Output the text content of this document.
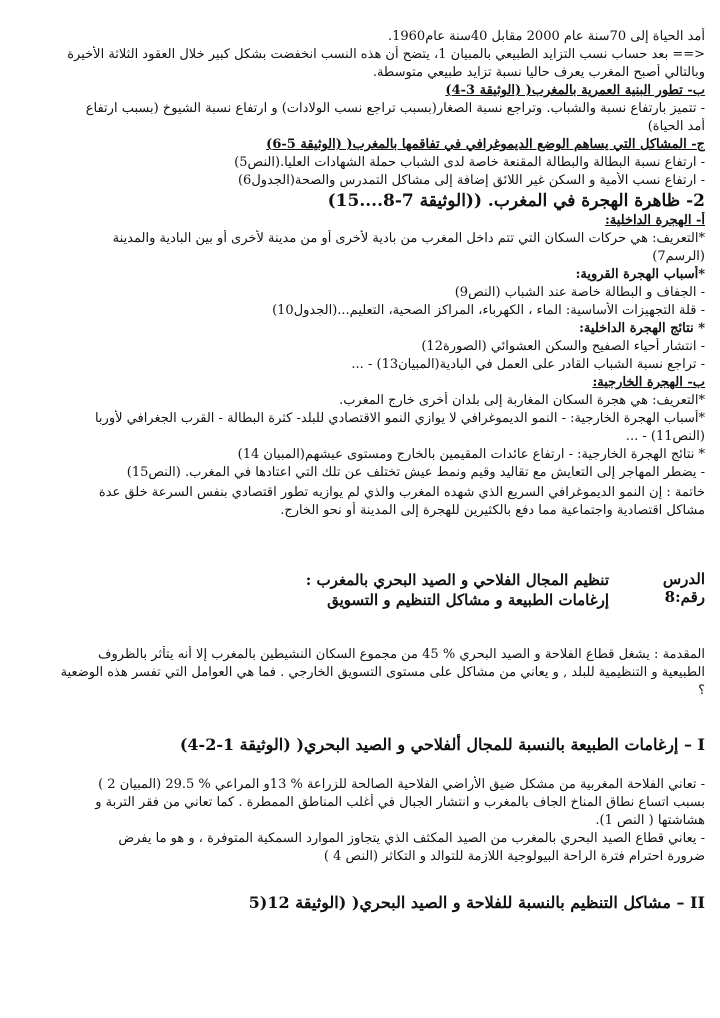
أمد الحياة إلى 70سنة عام 2000 مقابل 40سنة عام1960.
<== بعد حساب نسب التزايد الطبيعي بالمبيان 1، يتضح أن هذه النسب انخفضت بشكل كبير خلال العقود الثلاثة الأخيرة
وبالتالي أصبح المغرب يعرف حاليا نسبة تزايد طبيعي متوسطة.
ب- تطور البنية العمرية بالمغرب( (الوثيقة 3-4)
- تتميز بارتفاع نسبة والشباب. وتراجع نسبة الصغار(بسبب تراجع نسب الولادات) و ارتفاع نسبة الشيوخ (بسبب ارتفاع
أمد الحياة)
ج- المشاكل التي يساهم الوضع الديموغرافي في تفاقمها بالمغرب( (الوثيقة 5-6)
- ارتفاع نسبة البطالة والبطالة المقنعة خاصة لدى الشباب حملة الشهادات العليا.(النص5)
- ارتفاع نسب الأمية و السكن غير اللائق إضافة إلى مشاكل التمدرس والصحة(الجدول6)
2- ظاهرة الهجرة في المغرب. ((الوثيقة 7-8....15)
أ- الهجرة الداخلية:
*التعريف: هي حركات السكان التي تتم داخل المغرب من بادية لأخرى أو من مدينة لأخرى أو بين البادية والمدينة
(الرسم7)
*أسباب الهجرة القروية:
- الجفاف و البطالة خاصة عند الشباب (النص9)
- قلة التجهيزات الأساسية: الماء ، الكهرباء، المراكز الصحية، التعليم...(الجدول10)
* نتائج الهجرة الداخلية:
- انتشار أحياء الصفيح والسكن العشوائي (الصورة12)
- تراجع نسبة الشباب القادر على العمل في البادية(المبيان13) - ...
ب- الهجرة الخارجية:
*التعريف: هي هجرة السكان المغاربة إلى بلدان أخرى خارج المغرب.
*أسباب الهجرة الخارجية: - النمو الديموغرافي لا يوازي النمو الاقتصادي للبلد- كثرة البطالة - القرب الجغرافي لأوربا
(النص11) - ...
* نتائج الهجرة الخارجية: - ارتفاع عائدات المقيمين بالخارج ومستوى عيشهم(المبيان 14)
- يضطر المهاجر إلى التعايش مع تقاليد وقيم ونمط عيش تختلف عن تلك التي اعتادها في المغرب. (النص15)
خاتمة : إن النمو الديموغرافي السريع الذي شهده المغرب والذي لم يوازيه تطور اقتصادي بنفس السرعة خلق عدة
مشاكل اقتصادية واجتماعية مما دفع بالكثيرين للهجرة إلى المدينة أو نحو الخارج.
الدرس رقم:8
تنظيم المجال الفلاحي و الصيد البحري بالمغرب :
إرغامات الطبيعة و مشاكل التنظيم و التسويق
المقدمة : يشغل قطاع الفلاحة و الصيد البحري % 45 من مجموع السكان النشيطين بالمغرب إلا أنه يتأثر بالظروف
الطبيعية و التنظيمية للبلد , و يعاني من مشاكل على مستوى التسويق الخارجي . فما هي العوامل التي تفسر هذه الوضعية
؟
I – إرغامات الطبيعة بالنسبة للمجال ألفلاحي و الصيد البحري( (الوثيقة 1-2-4)
- تعاني الفلاحة المغربية من مشكل ضيق الأراضي الفلاحية الصالحة للزراعة % 13و المراعي % 29.5 (المبيان 2 )
بسبب اتساع نطاق المناخ الجاف بالمغرب و انتشار الجبال في أغلب المناطق الممطرة . كما تعاني من فقر التربة و
هشاشتها ( النص 1).
- يعاني قطاع الصيد البحري بالمغرب من الصيد المكثف الذي يتجاوز الموارد السمكية المتوفرة ، و هو ما يفرض
ضرورة احترام فترة الراحة البيولوجية اللازمة للتوالد و التكاثر (النص 4 )
II – مشاكل التنظيم بالنسبة للفلاحة و الصيد البحري( (الوثيقة 12(5
